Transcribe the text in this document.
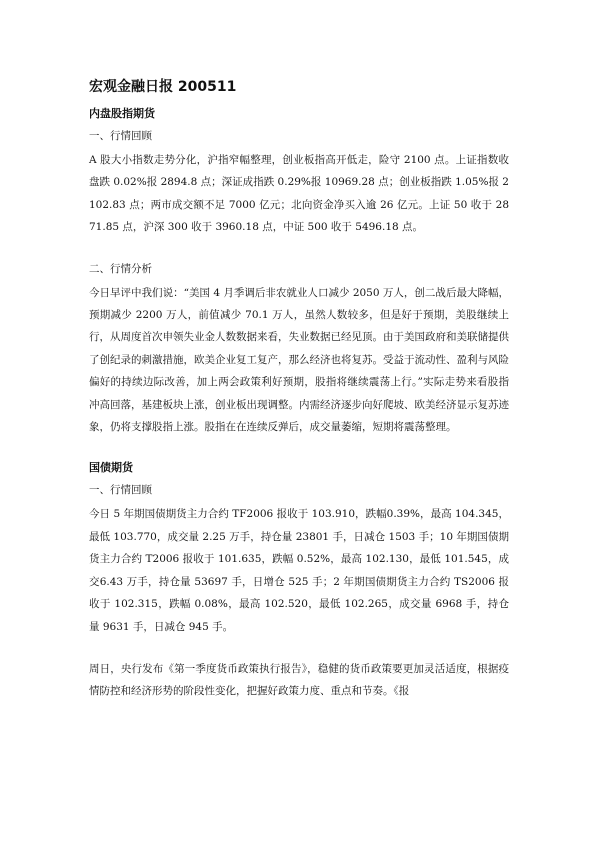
宏观金融日报 200511
内盘股指期货
一、行情回顾

A 股大小指数走势分化，沪指窄幅整理，创业板指高开低走，险守 2100 点。上证指数收盘跌 0.02%报 2894.8 点；深证成指跌 0.29%报 10969.28 点；创业板指跌 1.05%报 2102.83 点；两市成交额不足 7000 亿元；北向资金净买入逾 26 亿元。上证 50 收于 2871.85 点，沪深 300 收于 3960.18 点，中证 500 收于 5496.18 点。

二、行情分析

今日早评中我们说：“美国 4 月季调后非农就业人口减少 2050 万人，创二战后最大降幅，预期减少 2200 万人，前值减少 70.1 万人，虽然人数较多，但是好于预期，美股继续上行，从周度首次申领失业金人数数据来看，失业数据已经见顶。由于美国政府和美联储提供了创纪录的刺激措施，欧美企业复工复产，那么经济也将复苏。受益于流动性、盈利与风险偏好的持续边际改善，加上两会政策利好预期，股指将继续震荡上行。”实际走势来看股指冲高回落，基建板块上涨，创业板出现调整。内需经济逐步向好爬坡、欧美经济显示复苏迹象，仍将支撑股指上涨。股指在在连续反弹后，成交量萎缩，短期将震荡整理。

国债期货
一、行情回顾

今日 5 年期国债期货主力合约 TF2006 报收于 103.910，跌幅0.39%，最高 104.345，最低 103.770，成交量 2.25 万手，持仓量 23801 手，日减仓 1503 手；10 年期国债期货主力合约 T2006 报收于 101.635，跌幅 0.52%，最高 102.130，最低 101.545，成交6.43 万手，持仓量 53697 手，日增仓 525 手；2 年期国债期货主力合约 TS2006 报收于 102.315，跌幅 0.08%，最高 102.520，最低 102.265，成交量 6968 手，持仓量 9631 手，日减仓 945 手。

周日，央行发布《第一季度货币政策执行报告》，稳健的货币政策要更加灵活适度，根据疫情防控和经济形势的阶段性变化，把握好政策力度、重点和节奏。《报
